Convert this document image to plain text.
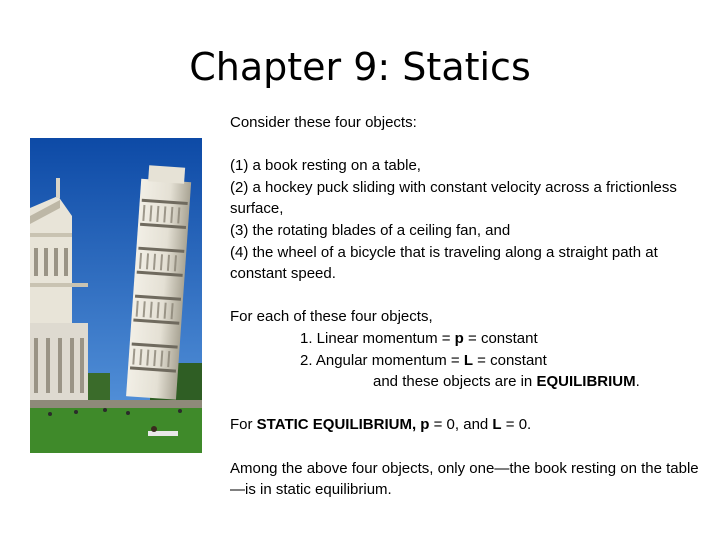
Chapter 9: Statics

Consider these four objects:

(1) a book resting on a table,

(2) a hockey puck sliding with constant velocity across a frictionless surface,

(3) the rotating blades of a ceiling fan, and

(4) the wheel of a bicycle that is traveling along a straight path at constant speed.

For each of these four objects,

1. Linear momentum = p = constant

2. Angular momentum = L = constant

and these objects are in EQUILIBRIUM.

For STATIC EQUILIBRIUM, p = 0, and L = 0.

Among the above four objects, only one—the book resting on the table—is in static equilibrium.
